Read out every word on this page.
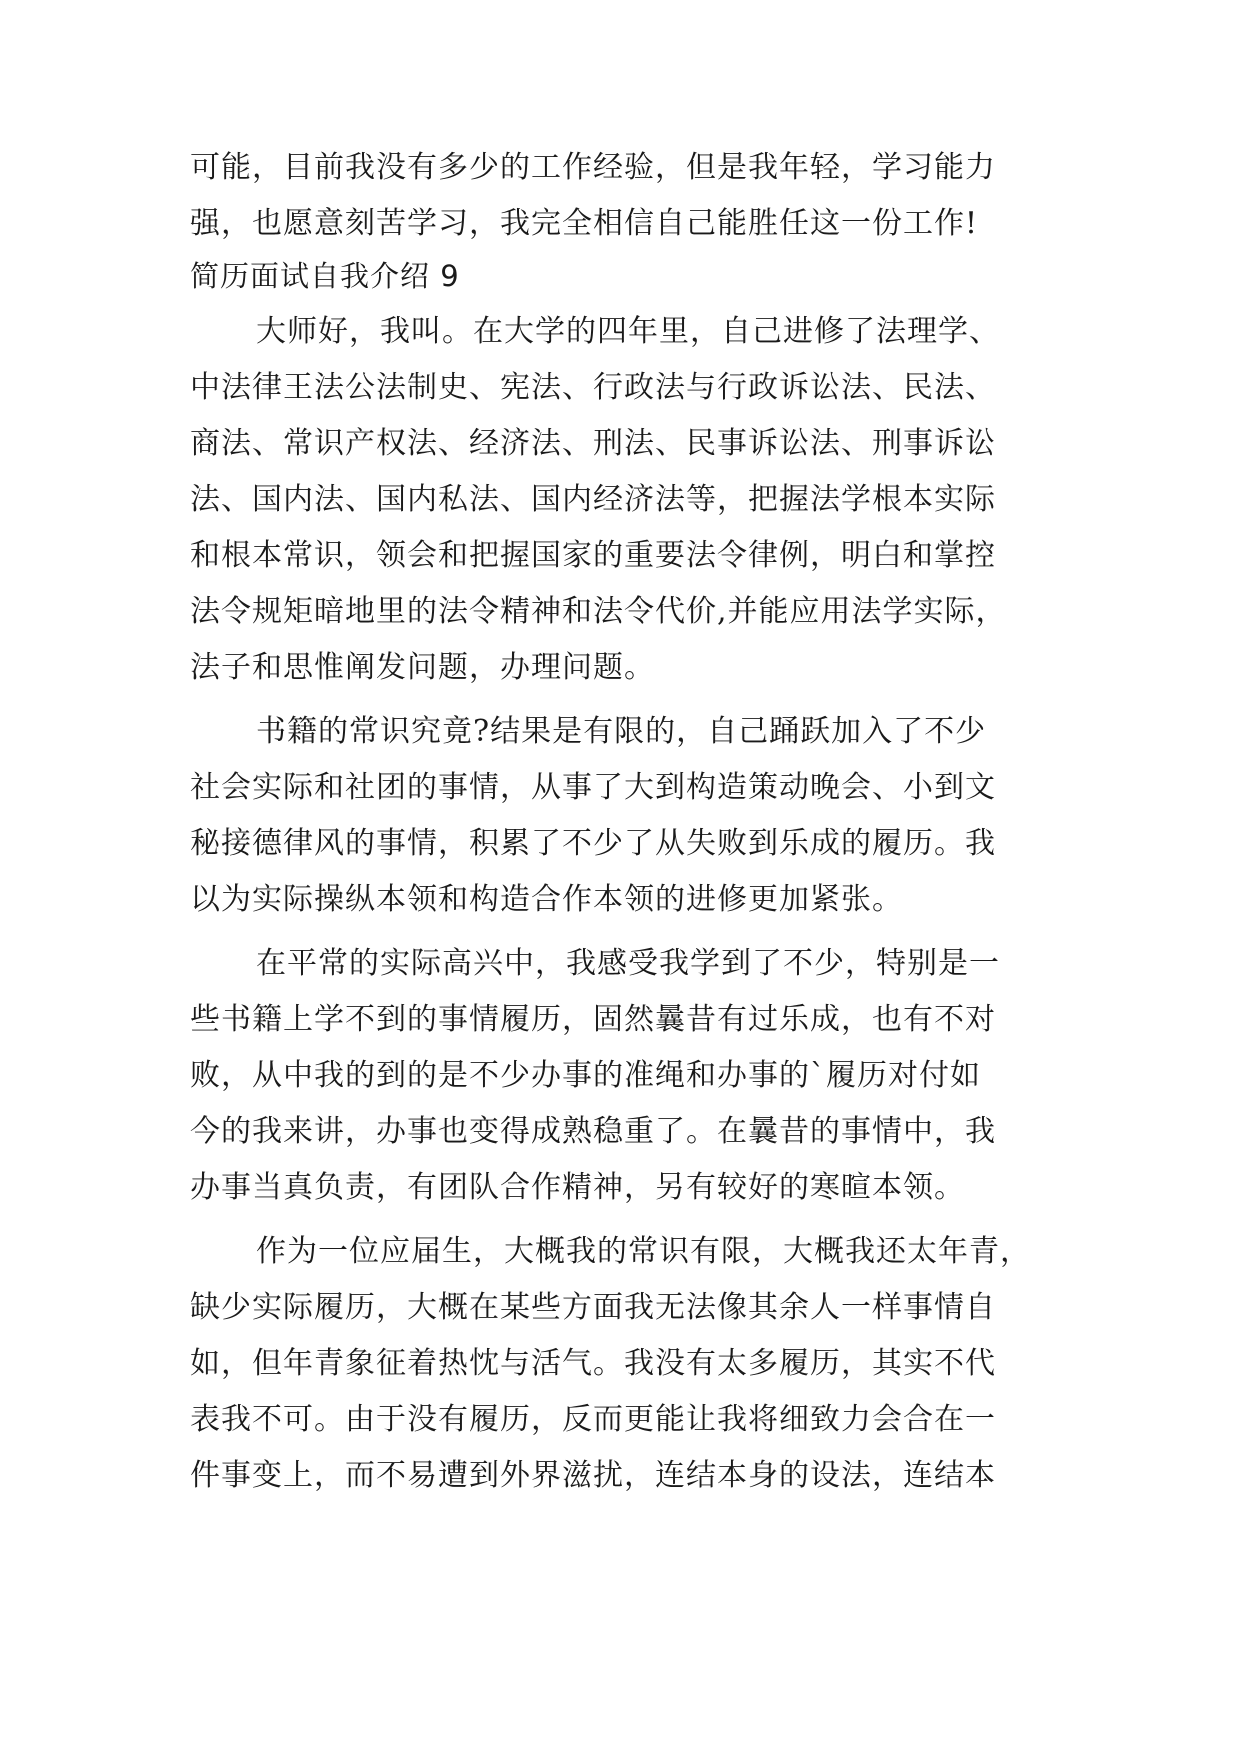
可能，目前我没有多少的工作经验，但是我年轻，学习能力
强，也愿意刻苦学习，我完全相信自己能胜任这一份工作!
简历面试自我介绍 9
大师好，我叫。在大学的四年里，自己进修了法理学、
中法律王法公法制史、宪法、行政法与行政诉讼法、民法、
商法、常识产权法、经济法、刑法、民事诉讼法、刑事诉讼
法、国内法、国内私法、国内经济法等，把握法学根本实际
和根本常识，领会和把握国家的重要法令律例，明白和掌控
法令规矩暗地里的法令精神和法令代价,并能应用法学实际，
法子和思惟阐发问题，办理问题。
书籍的常识究竟?结果是有限的，自己踊跃加入了不少
社会实际和社团的事情，从事了大到构造策动晚会、小到文
秘接德律风的事情，积累了不少了从失败到乐成的履历。我
以为实际操纵本领和构造合作本领的进修更加紧张。
在平常的实际高兴中，我感受我学到了不少，特别是一
些书籍上学不到的事情履历，固然曩昔有过乐成，也有不对
败，从中我的到的是不少办事的准绳和办事的`履历对付如
今的我来讲，办事也变得成熟稳重了。在曩昔的事情中，我
办事当真负责，有团队合作精神，另有较好的寒暄本领。
作为一位应届生，大概我的常识有限，大概我还太年青，
缺少实际履历，大概在某些方面我无法像其余人一样事情自
如，但年青象征着热忱与活气。我没有太多履历，其实不代
表我不可。由于没有履历，反而更能让我将细致力会合在一
件事变上，而不易遭到外界滋扰，连结本身的设法，连结本
